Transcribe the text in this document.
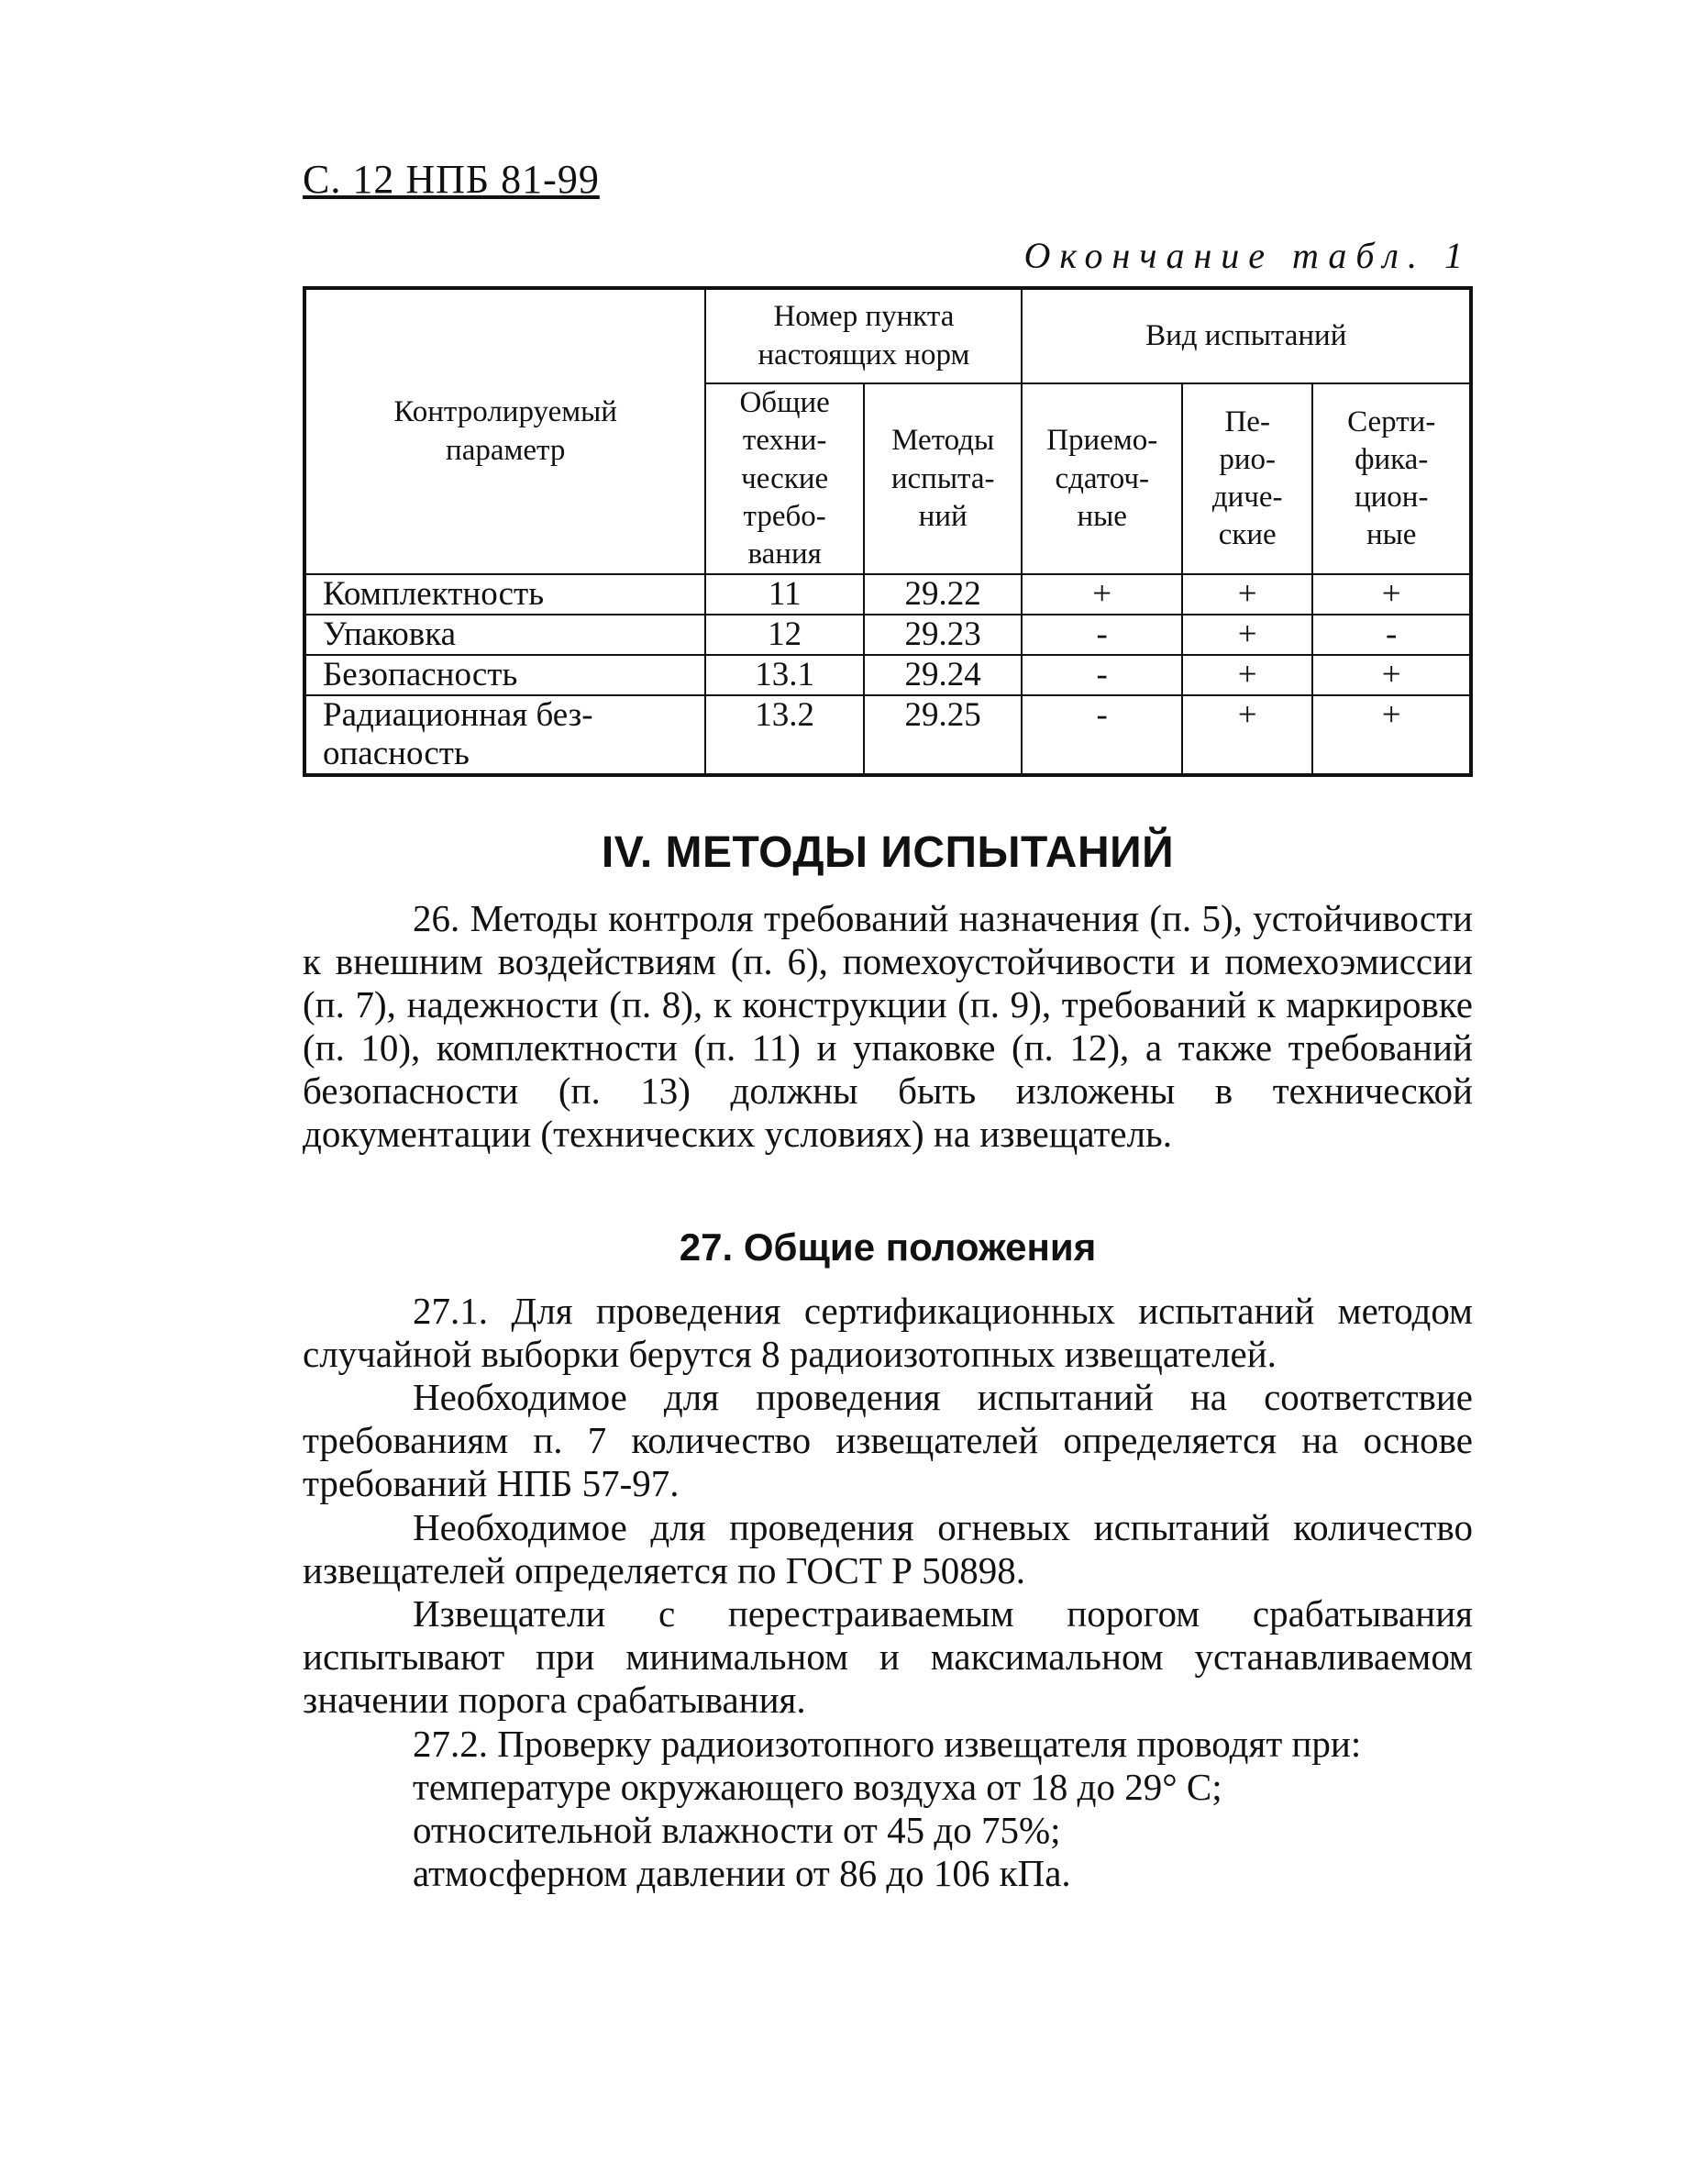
С. 12 НПБ 81-99
Окончание табл. 1
Контролируемый параметр	Номер пункта настоящих норм		Вид испытаний		
	Общие техни-ческие требо-вания	Методы испыта-ний	Приемо-сдаточ-ные	Пе-рио-диче-ские	Серти-фика-цион-ные
Комплектность	11	29.22	+	+	+
Упаковка	12	29.23	-	+	-
Безопасность	13.1	29.24	-	+	+
Радиационная без-опасность	13.2	29.25	-	+	+
IV. МЕТОДЫ ИСПЫТАНИЙ

26. Методы контроля требований назначения (п. 5), устойчивости к внешним воздействиям (п. 6), помехоустойчивости и помехоэмиссии (п. 7), надежности (п. 8), к конструкции (п. 9), требований к маркировке (п. 10), комплектности (п. 11) и упаковке (п. 12), а также требований безопасности (п. 13) должны быть изложены в технической документации (технических условиях) на извещатель.

27. Общие положения

27.1. Для проведения сертификационных испытаний методом случайной выборки берутся 8 радиоизотопных извещателей.

Необходимое для проведения испытаний на соответствие требованиям п. 7 количество извещателей определяется на основе требований НПБ 57-97.

Необходимое для проведения огневых испытаний количество извещателей определяется по ГОСТ Р 50898.

Извещатели с перестраиваемым порогом срабатывания испытывают при минимальном и максимальном устанавливаемом значении порога срабатывания.

27.2. Проверку радиоизотопного извещателя проводят при:

температуре окружающего воздуха от 18 до 29° С;
относительной влажности от 45 до 75%;
атмосферном давлении от 86 до 106 кПа.
